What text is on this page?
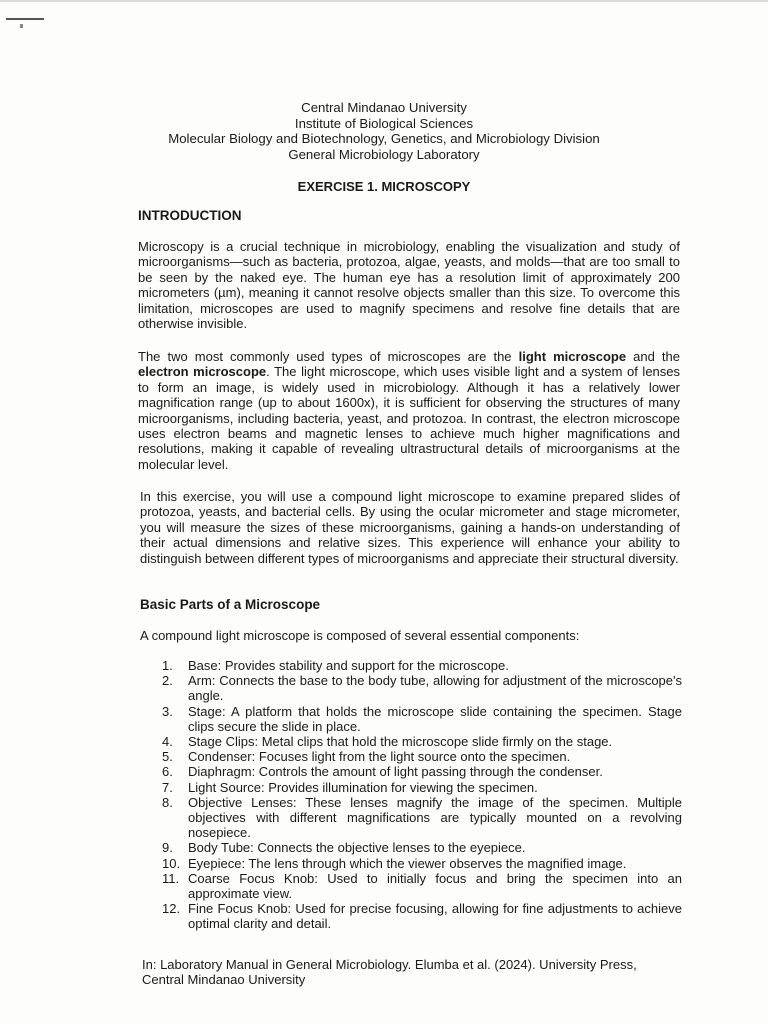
Central Mindanao University
Institute of Biological Sciences
Molecular Biology and Biotechnology, Genetics, and Microbiology Division
General Microbiology Laboratory
EXERCISE 1. MICROSCOPY
INTRODUCTION

Microscopy is a crucial technique in microbiology, enabling the visualization and study of microorganisms—such as bacteria, protozoa, algae, yeasts, and molds—that are too small to be seen by the naked eye. The human eye has a resolution limit of approximately 200 micrometers (µm), meaning it cannot resolve objects smaller than this size. To overcome this limitation, microscopes are used to magnify specimens and resolve fine details that are otherwise invisible.

The two most commonly used types of microscopes are the light microscope and the electron microscope. The light microscope, which uses visible light and a system of lenses to form an image, is widely used in microbiology. Although it has a relatively lower magnification range (up to about 1600x), it is sufficient for observing the structures of many microorganisms, including bacteria, yeast, and protozoa. In contrast, the electron microscope uses electron beams and magnetic lenses to achieve much higher magnifications and resolutions, making it capable of revealing ultrastructural details of microorganisms at the molecular level.

In this exercise, you will use a compound light microscope to examine prepared slides of protozoa, yeasts, and bacterial cells. By using the ocular micrometer and stage micrometer, you will measure the sizes of these microorganisms, gaining a hands-on understanding of their actual dimensions and relative sizes. This experience will enhance your ability to distinguish between different types of microorganisms and appreciate their structural diversity.

Basic Parts of a Microscope
A compound light microscope is composed of several essential components:
1.	Base: Provides stability and support for the microscope.
2.	Arm: Connects the base to the body tube, allowing for adjustment of the microscope's angle.
3.	Stage: A platform that holds the microscope slide containing the specimen. Stage clips secure the slide in place.
4.	Stage Clips: Metal clips that hold the microscope slide firmly on the stage.
5.	Condenser: Focuses light from the light source onto the specimen.
6.	Diaphragm: Controls the amount of light passing through the condenser.
7.	Light Source: Provides illumination for viewing the specimen.
8.	Objective Lenses: These lenses magnify the image of the specimen. Multiple objectives with different magnifications are typically mounted on a revolving nosepiece.
9.	Body Tube: Connects the objective lenses to the eyepiece.
10. Eyepiece: The lens through which the viewer observes the magnified image.
11. Coarse Focus Knob: Used to initially focus and bring the specimen into an approximate view.
12. Fine Focus Knob: Used for precise focusing, allowing for fine adjustments to achieve optimal clarity and detail.
In: Laboratory Manual in General Microbiology. Elumba et al. (2024). University Press, Central Mindanao University
